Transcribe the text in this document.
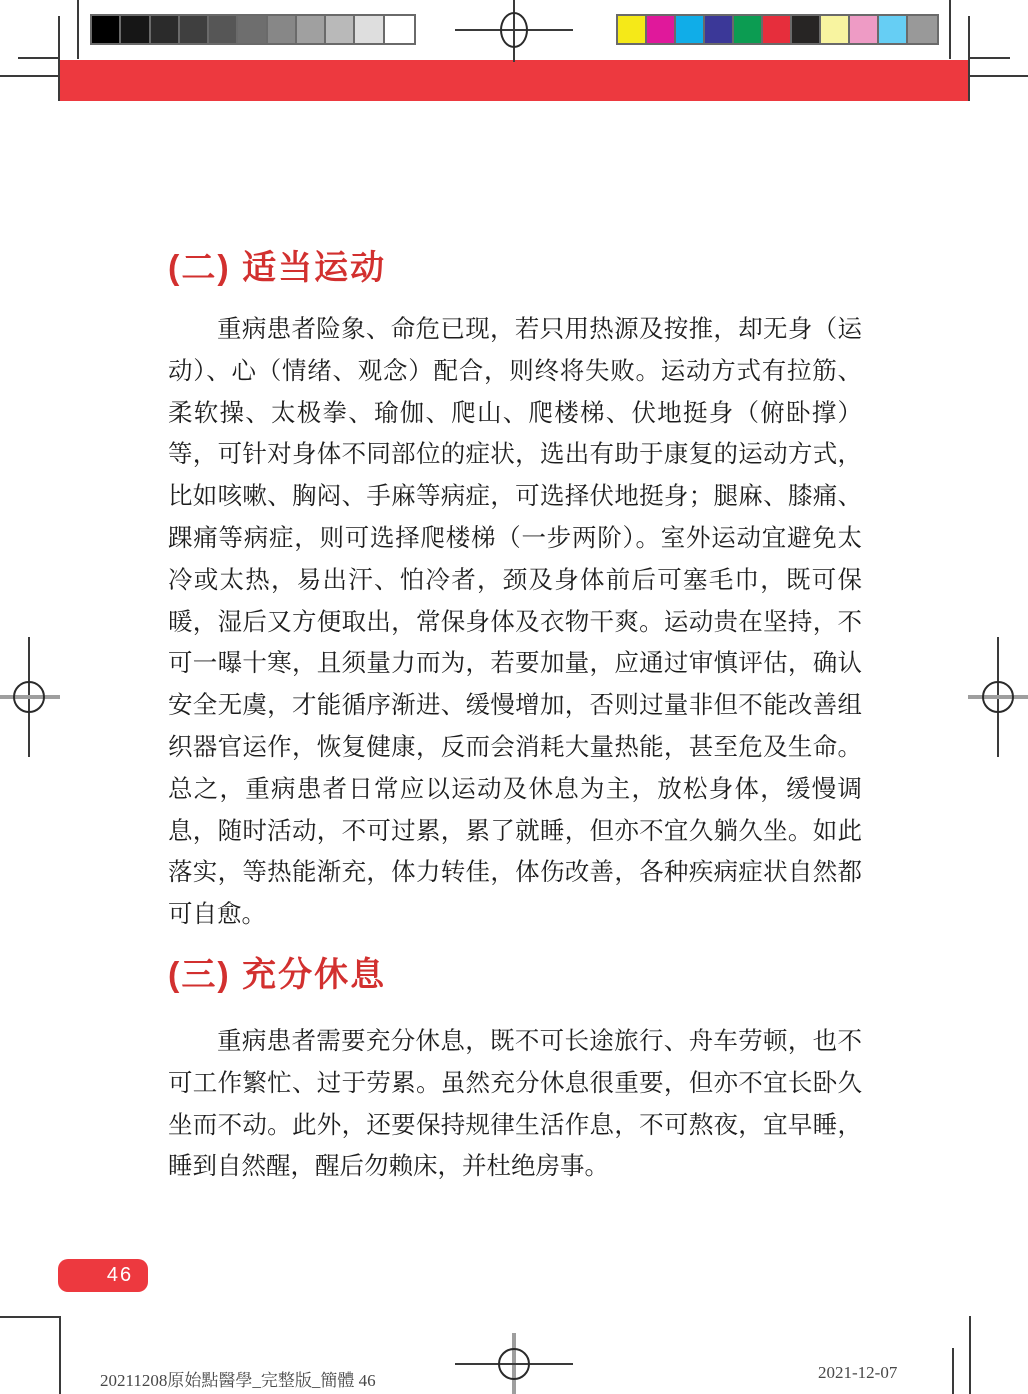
(二) 适当运动
重病患者险象、命危已现，若只用热源及按推，却无身（运动）、心（情绪、观念）配合，则终将失败。运动方式有拉筋、柔软操、太极拳、瑜伽、爬山、爬楼梯、伏地挺身（俯卧撑）等，可针对身体不同部位的症状，选出有助于康复的运动方式，比如咳嗽、胸闷、手麻等病症，可选择伏地挺身；腿麻、膝痛、踝痛等病症，则可选择爬楼梯（一步两阶）。室外运动宜避免太冷或太热，易出汗、怕冷者，颈及身体前后可塞毛巾，既可保暖，湿后又方便取出，常保身体及衣物干爽。运动贵在坚持，不可一曝十寒，且须量力而为，若要加量，应通过审慎评估，确认安全无虞，才能循序渐进、缓慢增加，否则过量非但不能改善组织器官运作，恢复健康，反而会消耗大量热能，甚至危及生命。总之，重病患者日常应以运动及休息为主，放松身体，缓慢调息，随时活动，不可过累，累了就睡，但亦不宜久躺久坐。如此落实，等热能渐充，体力转佳，体伤改善，各种疾病症状自然都可自愈。
(三) 充分休息
重病患者需要充分休息，既不可长途旅行、舟车劳顿，也不可工作繁忙、过于劳累。虽然充分休息很重要，但亦不宜长卧久坐而不动。此外，还要保持规律生活作息，不可熬夜，宜早睡，睡到自然醒，醒后勿赖床，并杜绝房事。
46
20211208原始點醫學_完整版_簡體 46	2021-12-07
